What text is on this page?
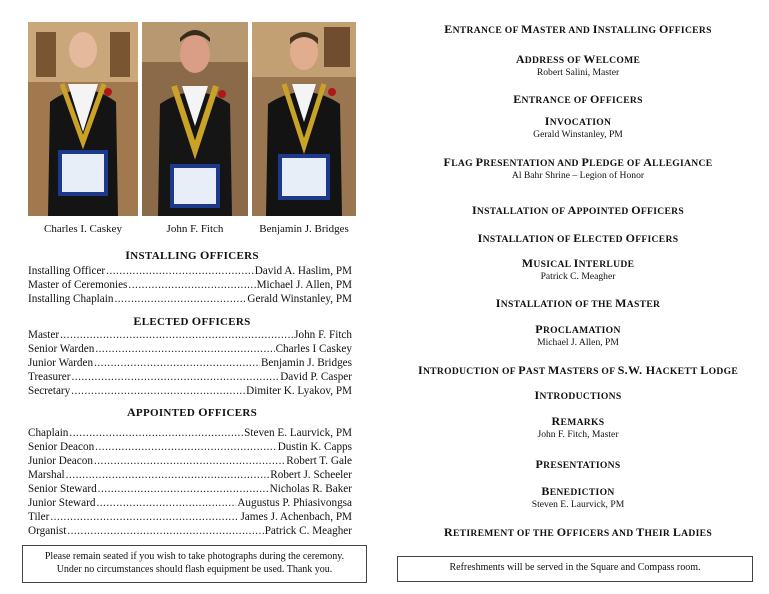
Charles I. Caskey	John F. Fitch	Benjamin J. Bridges
INSTALLING OFFICERS
Installing Officer .....	David A. Haslim, PM
Master of Ceremonies .....	Michael J. Allen, PM
Installing Chaplain .....	Gerald Winstanley, PM
ELECTED OFFICERS
Master .....	John F. Fitch
Senior Warden .....	Charles I Caskey
Junior Warden .....	Benjamin J. Bridges
Treasurer .....	David P. Casper
Secretary .....	Dimiter K. Lyakov, PM
APPOINTED OFFICERS
Chaplain .....	Steven E. Laurvick, PM
Senior Deacon .....	Dustin K. Capps
Junior Deacon .....	Robert T. Gale
Marshal .....	Robert J. Scheeler
Senior Steward .....	Nicholas R. Baker
Junior Steward .....	Augustus P. Phiasivongsa
Tiler .....	James J. Achenbach, PM
Organist .....	Patrick C. Meagher
Please remain seated if you wish to take photographs during the ceremony.
Under no circumstances should flash equipment be used. Thank you.
ENTRANCE OF MASTER AND INSTALLING OFFICERS
ADDRESS OF WELCOME
Robert Salini, Master
ENTRANCE OF OFFICERS
INVOCATION
Gerald Winstanley, PM
FLAG PRESENTATION AND PLEDGE OF ALLEGIANCE
Al Bahr Shrine – Legion of Honor
INSTALLATION OF APPOINTED OFFICERS
INSTALLATION OF ELECTED OFFICERS
MUSICAL INTERLUDE
Patrick C. Meagher
INSTALLATION OF THE MASTER
PROCLAMATION
Michael J. Allen, PM
INTRODUCTION OF PAST MASTERS OF S.W. HACKETT LODGE
INTRODUCTIONS
REMARKS
John F. Fitch, Master
PRESENTATIONS
BENEDICTION
Steven E. Laurvick, PM
RETIREMENT OF THE OFFICERS AND THEIR LADIES
Refreshments will be served in the Square and Compass room.
